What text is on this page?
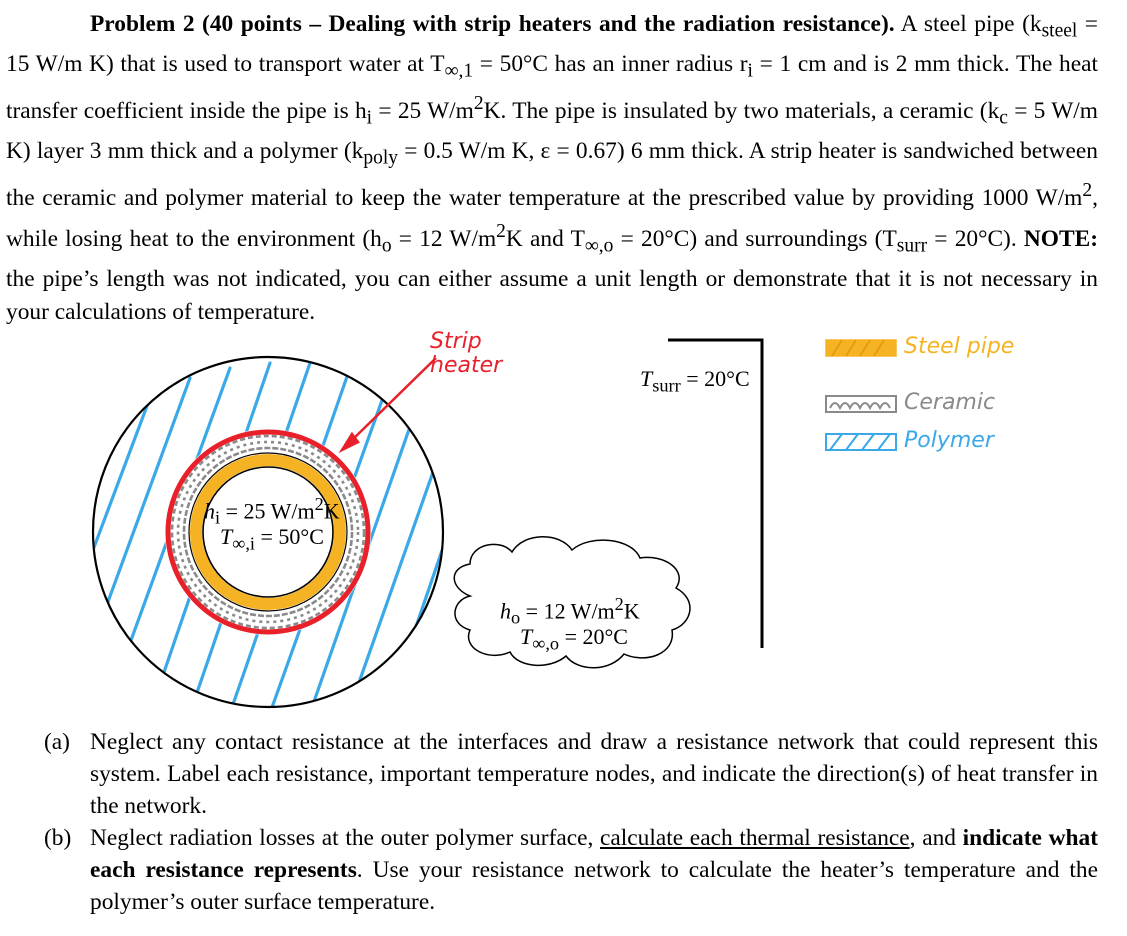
Problem 2 (40 points – Dealing with strip heaters and the radiation resistance). A steel pipe ($k_{steel} = 15$ W/m K) that is used to transport water at $T_{\infty,1} = 50^\circ C$ has an inner radius $r_i = 1$ cm and is 2 mm thick. The heat transfer coefficient inside the pipe is $h_i = 25$ $W/m^2K$. The pipe is insulated by two materials, a ceramic ($k_c = 5$ W/m K) layer 3 mm thick and a polymer ($k_{poly} = 0.5$ W/m K, ε = 0.67) 6 mm thick. A strip heater is sandwiched between the ceramic and polymer material to keep the water temperature at the prescribed value by providing 1000 $W/m^2$, while losing heat to the environment ($h_o = 12$ $W/m^2K$ and $T_{\infty,o} = 20^\circ C$) and surroundings $(T_{surr} = 20^\circ C)$. NOTE: the pipe’s length was not indicated, you can either assume a unit length or demonstrate that it is not necessary in your calculations of temperature.
Strip
heater
$T_{surr} = 20^\circ C$
$h_i = 25$ $W/m^2K$
$T_{\infty,i} = 50^\circ C$
$h_o = 12$ $W/m^2K$
$T_{\infty,o} = 20^\circ C$
Steel pipe
Ceramic
Polymer
(a) Neglect any contact resistance at the interfaces and draw a resistance network that could represent this system. Label each resistance, important temperature nodes, and indicate the direction(s) of heat transfer in the network.
(b) Neglect radiation losses at the outer polymer surface, calculate each thermal resistance, and indicate what each resistance represents. Use your resistance network to calculate the heater’s temperature and the polymer’s outer surface temperature.
